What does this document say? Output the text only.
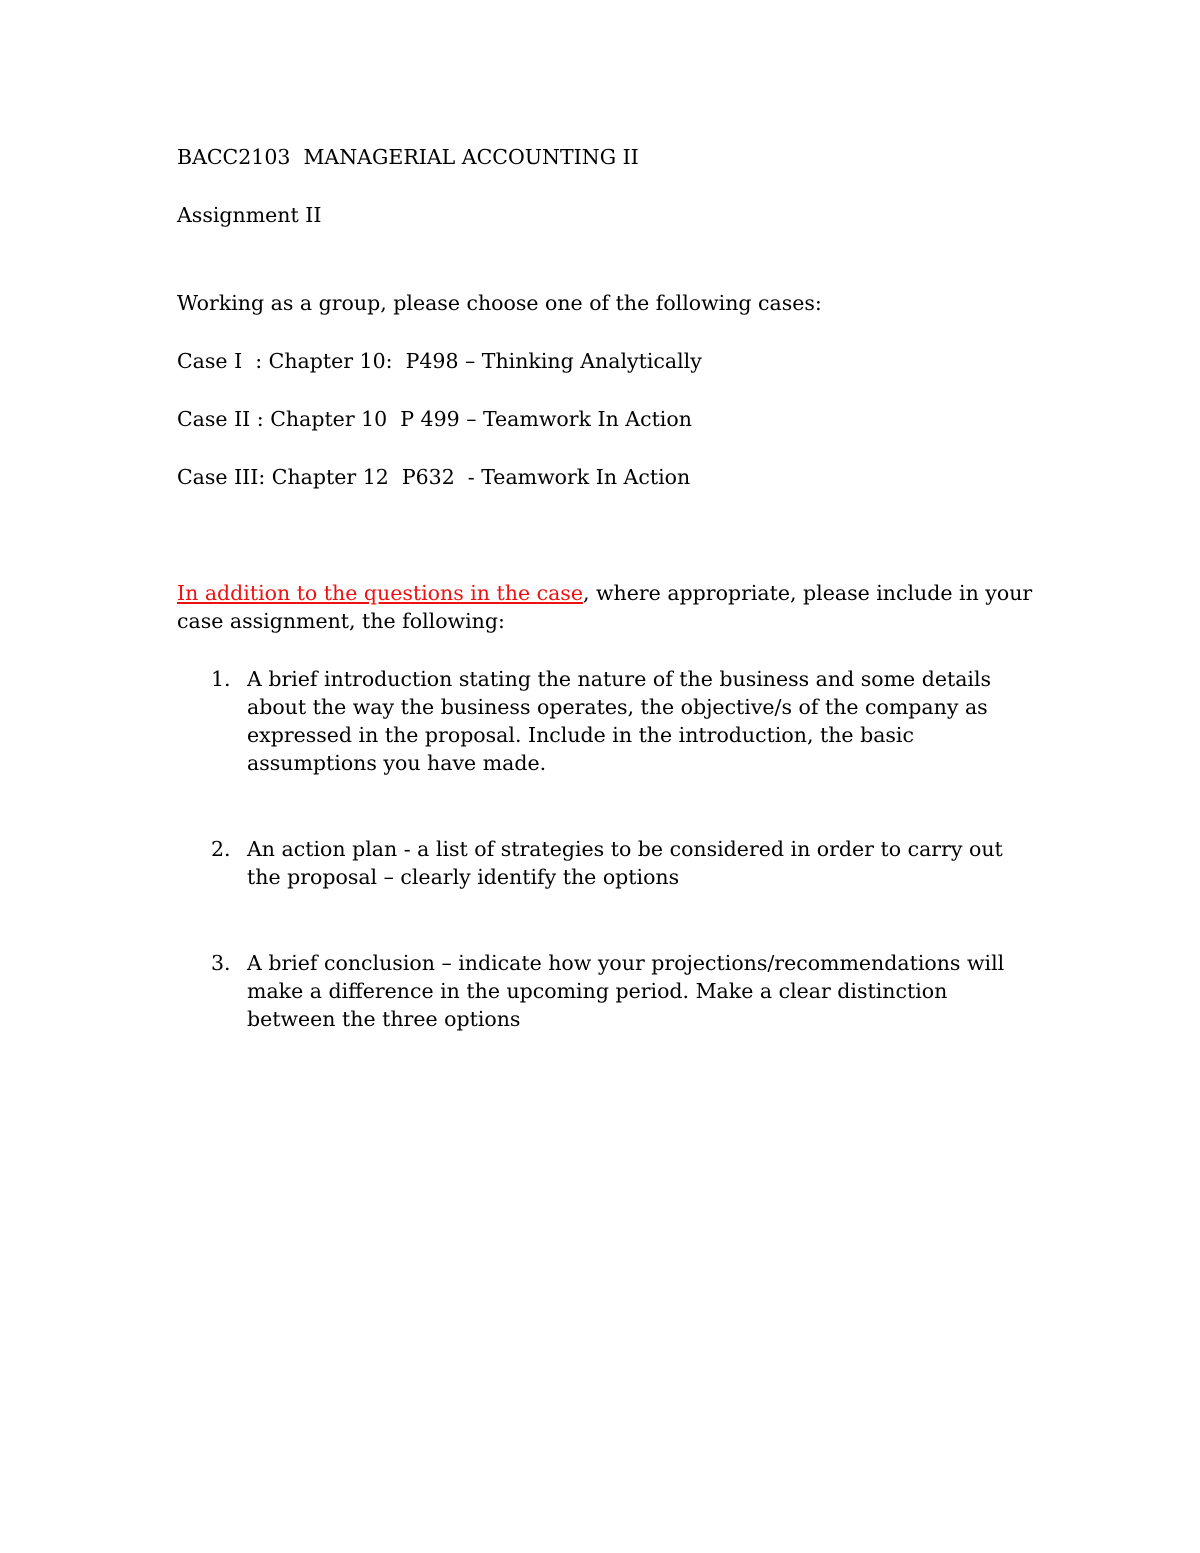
BACC2103  MANAGERIAL ACCOUNTING II

Assignment II

Working as a group, please choose one of the following cases:

Case I  : Chapter 10:  P498 – Thinking Analytically

Case II : Chapter 10  P 499 – Teamwork In Action

Case III: Chapter 12  P632  - Teamwork In Action

In addition to the questions in the case, where appropriate, please include in your case assignment, the following:

1. A brief introduction stating the nature of the business and some details about the way the business operates, the objective/s of the company as expressed in the proposal. Include in the introduction, the basic assumptions you have made.
2. An action plan - a list of strategies to be considered in order to carry out the proposal – clearly identify the options
3. A brief conclusion – indicate how your projections/recommendations will make a difference in the upcoming period. Make a clear distinction between the three options
